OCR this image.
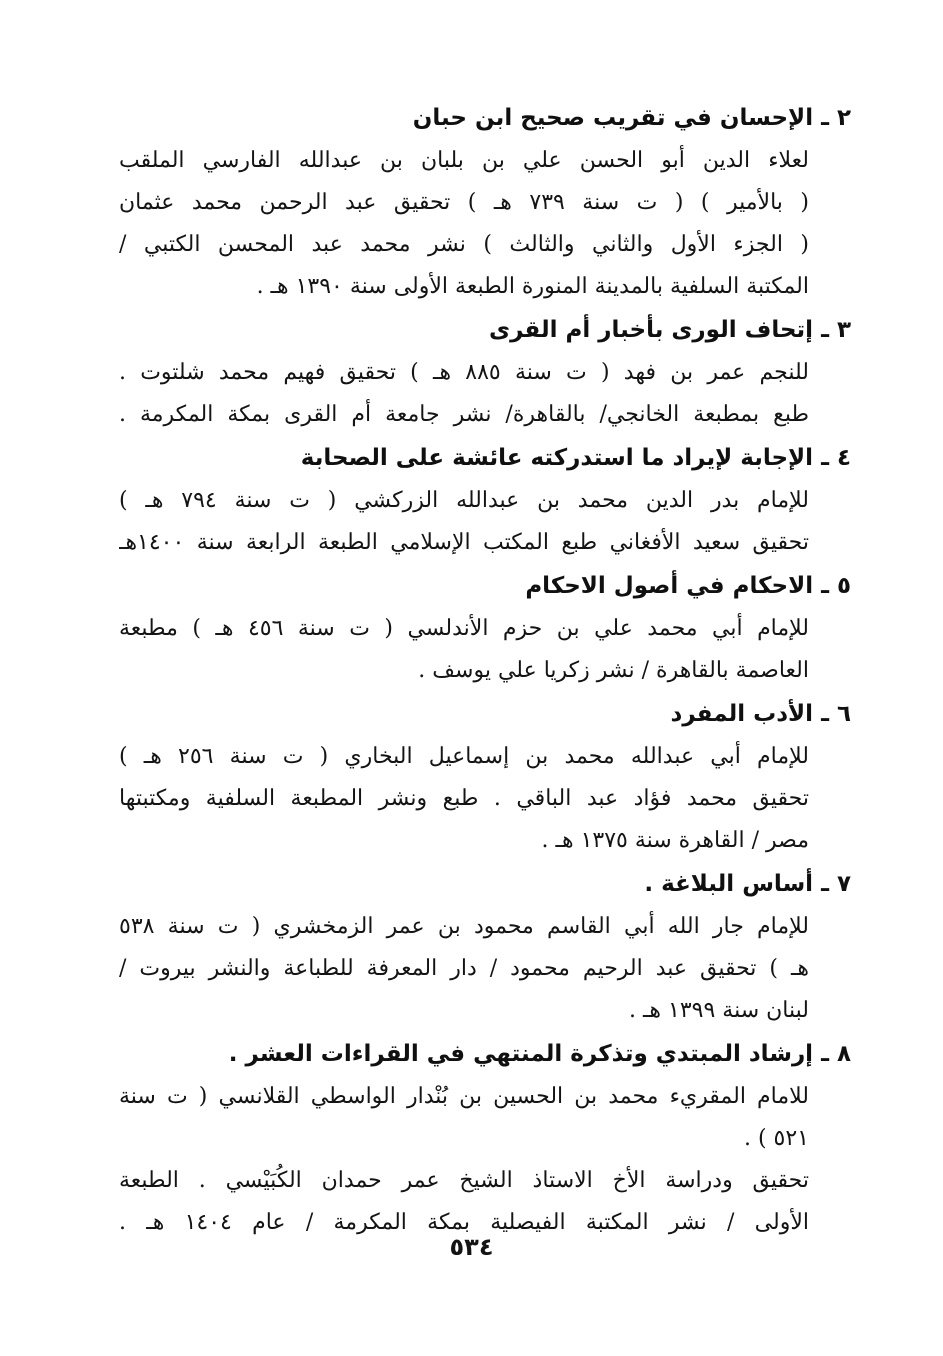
٢ ـ الإحسان في تقريب صحيح ابن حبان
لعلاء الدين أبو الحسن علي بن بلبان بن عبدالله الفارسي الملقب
( بالأمير ) ( ت سنة ٧٣٩ هـ ) تحقيق عبد الرحمن محمد عثمان
( الجزء الأول والثاني والثالث ) نشر محمد عبد المحسن الكتبي /
المكتبة السلفية بالمدينة المنورة الطبعة الأولى سنة ١٣٩٠ هـ .
٣ ـ إتحاف الورى بأخبار أم القرى
للنجم عمر بن فهد ( ت سنة ٨٨٥ هـ ) تحقيق فهيم محمد شلتوت .
طبع بمطبعة الخانجي/ بالقاهرة/ نشر جامعة أم القرى بمكة المكرمة .
٤ ـ الإجابة لإيراد ما استدركته عائشة على الصحابة
للإمام بدر الدين محمد بن عبدالله الزركشي ( ت سنة ٧٩٤ هـ )
تحقيق سعيد الأفغاني طبع المكتب الإسلامي الطبعة الرابعة سنة ١٤٠٠هـ
٥ ـ الاحكام في أصول الاحكام
للإمام أبي محمد علي بن حزم الأندلسي ( ت سنة ٤٥٦ هـ ) مطبعة
العاصمة بالقاهرة / نشر زكريا علي يوسف .
٦ ـ الأدب المفرد
للإمام أبي عبدالله محمد بن إسماعيل البخاري ( ت سنة ٢٥٦ هـ )
تحقيق محمد فؤاد عبد الباقي . طبع ونشر المطبعة السلفية ومكتبتها
مصر / القاهرة سنة ١٣٧٥ هـ .
٧ ـ أساس البلاغة .
للإمام جار الله أبي القاسم محمود بن عمر الزمخشري ( ت سنة ٥٣٨
هـ ) تحقيق عبد الرحيم محمود / دار المعرفة للطباعة والنشر بيروت /
لبنان سنة ١٣٩٩ هـ .
٨ ـ إرشاد المبتدي وتذكرة المنتهي في القراءات العشر .
للامام المقريء محمد بن الحسين بن بُنْدار الواسطي القلانسي ( ت سنة
٥٢١ ) .
تحقيق ودراسة الأخ الاستاذ الشيخ عمر حمدان الكُبَيْسي . الطبعة
الأولى / نشر المكتبة الفيصلية بمكة المكرمة / عام ١٤٠٤ هـ .
٥٣٤
